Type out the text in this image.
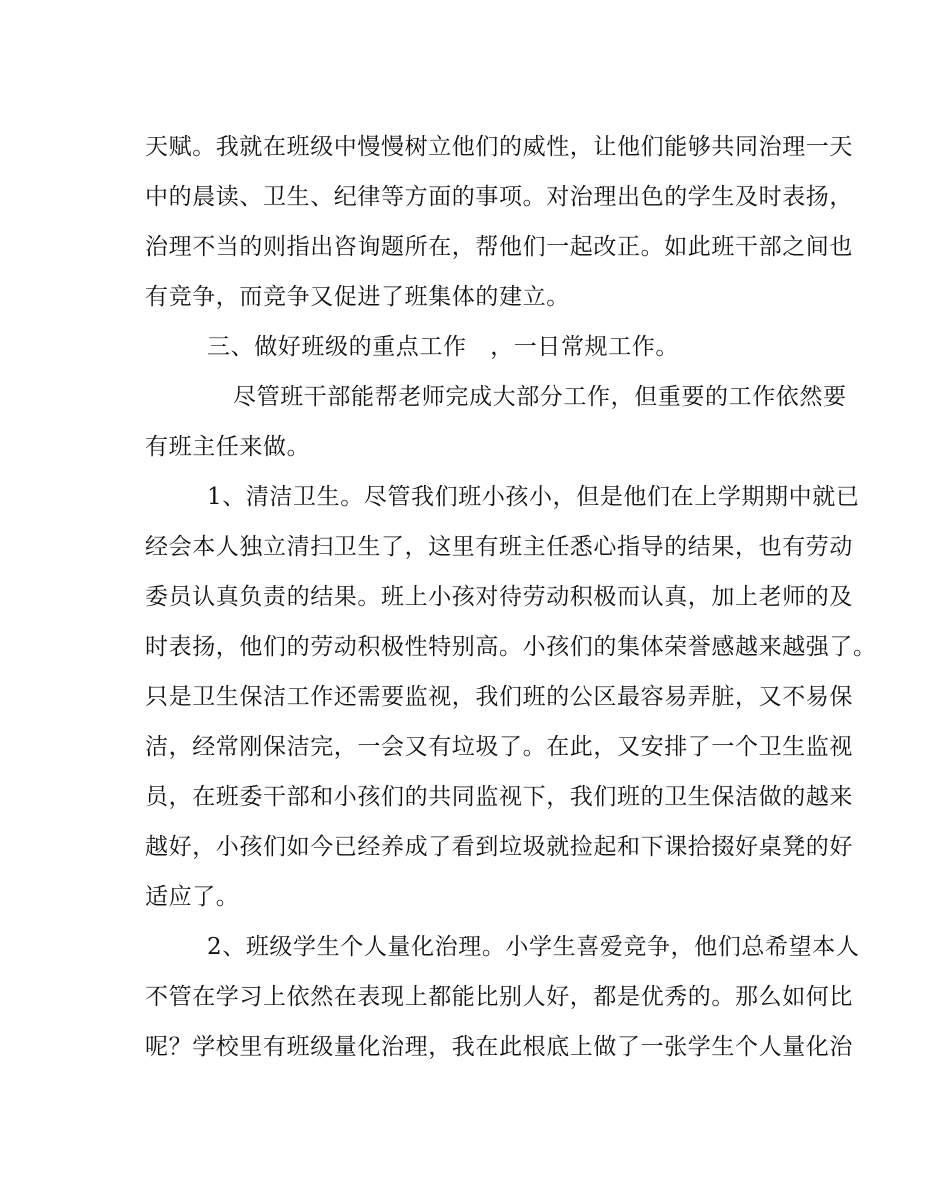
天赋。我就在班级中慢慢树立他们的威性，让他们能够共同治理一天
中的晨读、卫生、纪律等方面的事项。对治理出色的学生及时表扬，
治理不当的则指出咨询题所在，帮他们一起改正。如此班干部之间也
有竞争，而竞争又促进了班集体的建立。
三、做好班级的重点工作　，一日常规工作。
尽管班干部能帮老师完成大部分工作，但重要的工作依然要
有班主任来做。
1、清洁卫生。尽管我们班小孩小，但是他们在上学期期中就已
经会本人独立清扫卫生了，这里有班主任悉心指导的结果，也有劳动
委员认真负责的结果。班上小孩对待劳动积极而认真，加上老师的及
时表扬，他们的劳动积极性特别高。小孩们的集体荣誉感越来越强了。
只是卫生保洁工作还需要监视，我们班的公区最容易弄脏，又不易保
洁，经常刚保洁完，一会又有垃圾了。在此，又安排了一个卫生监视
员，在班委干部和小孩们的共同监视下，我们班的卫生保洁做的越来
越好，小孩们如今已经养成了看到垃圾就捡起和下课拾掇好桌凳的好
适应了。
2、班级学生个人量化治理。小学生喜爱竞争，他们总希望本人
不管在学习上依然在表现上都能比别人好，都是优秀的。那么如何比
呢？学校里有班级量化治理，我在此根底上做了一张学生个人量化治
